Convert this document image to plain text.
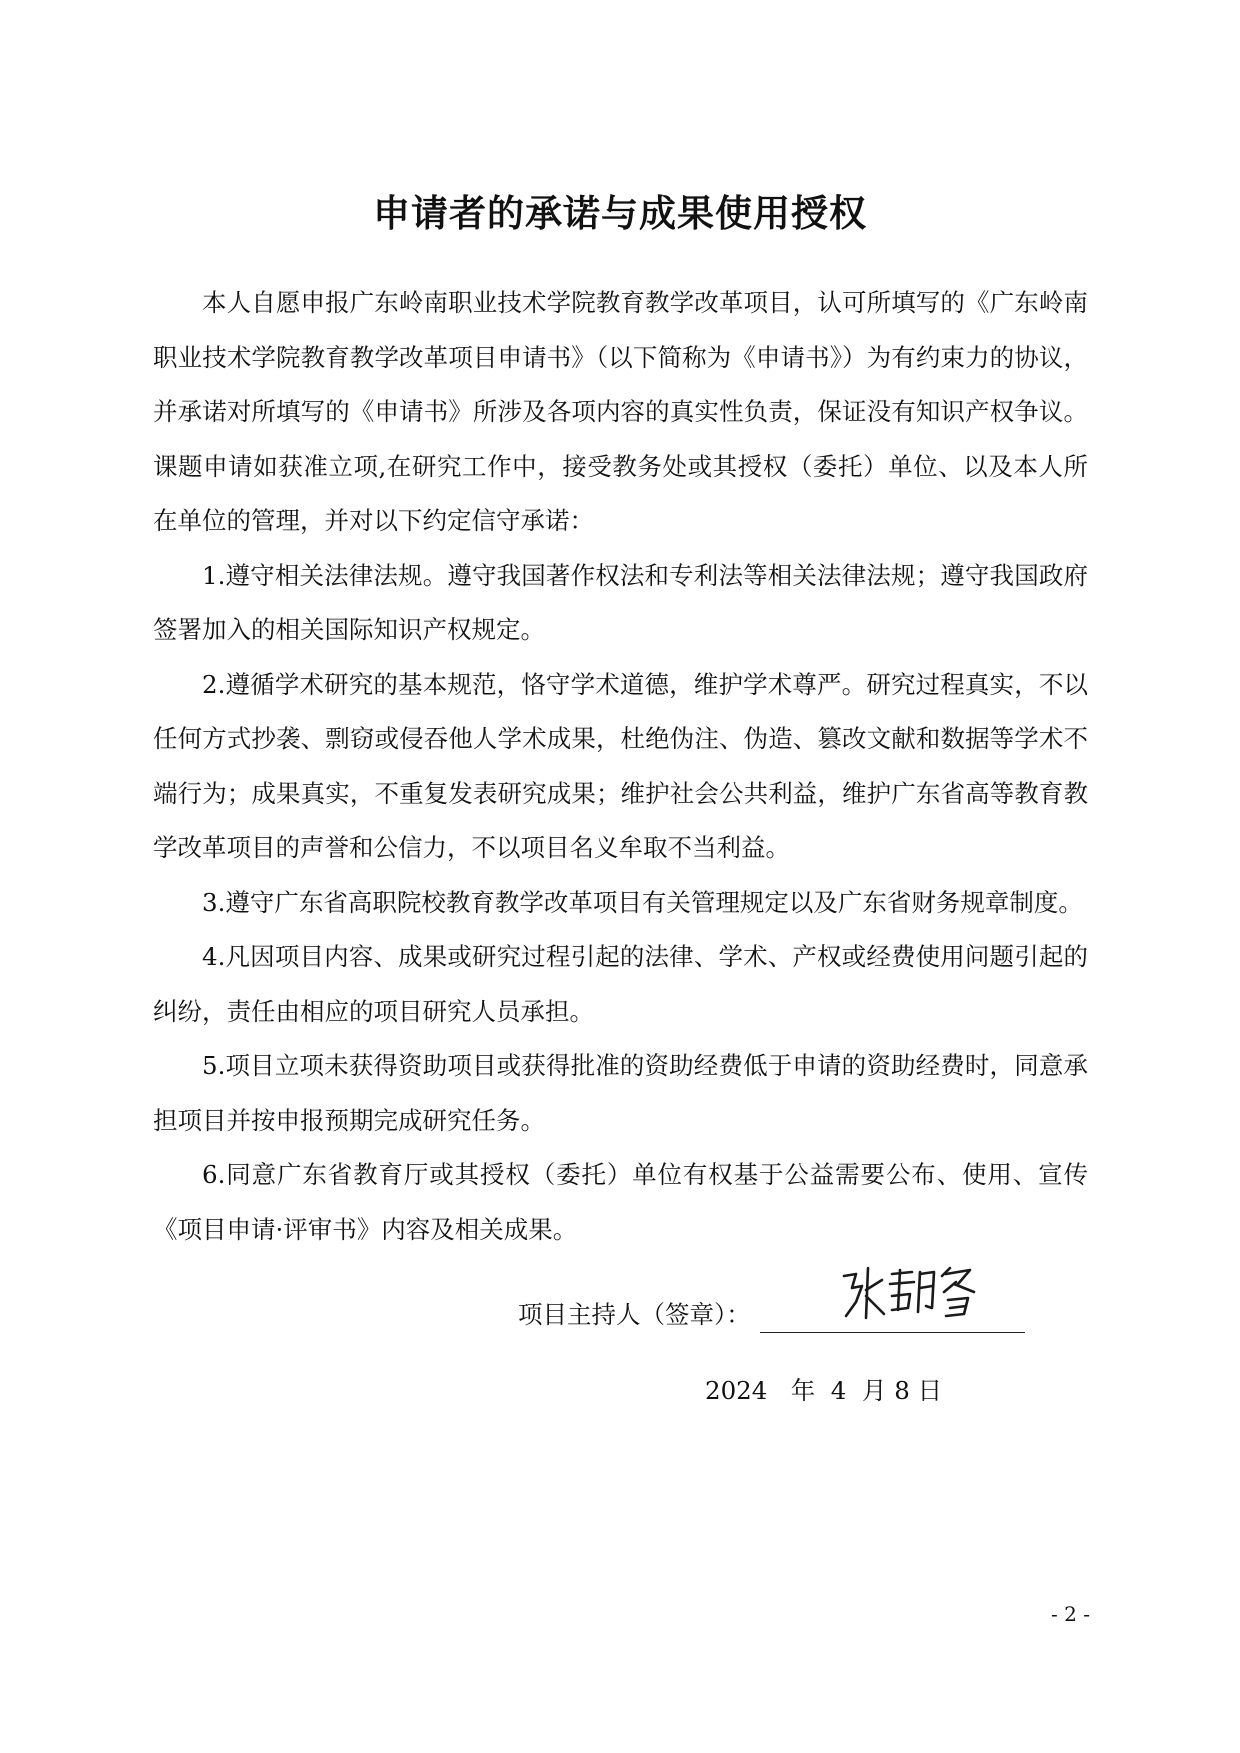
申请者的承诺与成果使用授权

本人自愿申报广东岭南职业技术学院教育教学改革项目，认可所填写的《广东岭南职业技术学院教育教学改革项目申请书》（以下简称为《申请书》）为有约束力的协议，并承诺对所填写的《申请书》所涉及各项内容的真实性负责，保证没有知识产权争议。课题申请如获准立项,在研究工作中，接受教务处或其授权（委托）单位、以及本人所在单位的管理，并对以下约定信守承诺：

1.遵守相关法律法规。遵守我国著作权法和专利法等相关法律法规；遵守我国政府签署加入的相关国际知识产权规定。

2.遵循学术研究的基本规范，恪守学术道德，维护学术尊严。研究过程真实，不以任何方式抄袭、剽窃或侵吞他人学术成果，杜绝伪注、伪造、篡改文献和数据等学术不端行为；成果真实，不重复发表研究成果；维护社会公共利益，维护广东省高等教育教学改革项目的声誉和公信力，不以项目名义牟取不当利益。

3.遵守广东省高职院校教育教学改革项目有关管理规定以及广东省财务规章制度。

4.凡因项目内容、成果或研究过程引起的法律、学术、产权或经费使用问题引起的纠纷，责任由相应的项目研究人员承担。

5.项目立项未获得资助项目或获得批准的资助经费低于申请的资助经费时，同意承担项目并按申报预期完成研究任务。

6.同意广东省教育厅或其授权（委托）单位有权基于公益需要公布、使用、宣传《项目申请·评审书》内容及相关成果。

项目主持人（签章）：
2024   年  4  月 8 日
- 2 -
